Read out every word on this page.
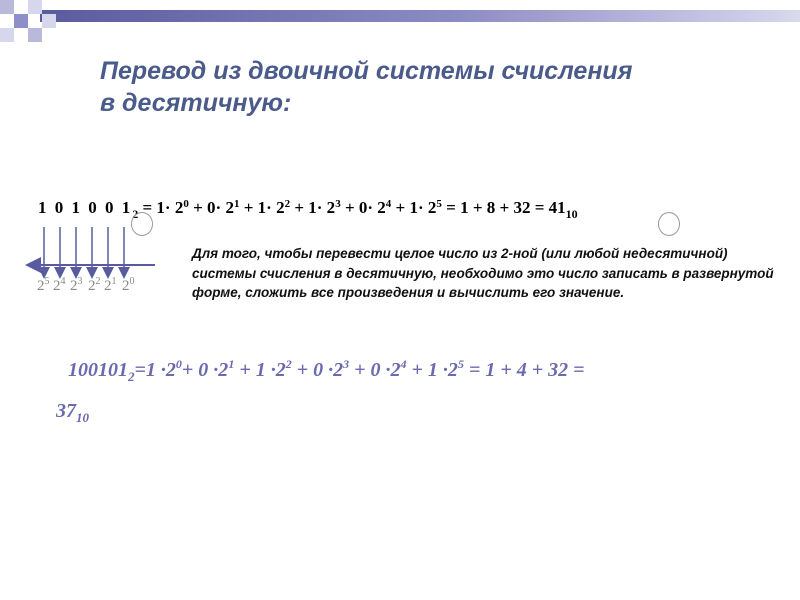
Перевод из двоичной системы счисления
в десятичную:
1 0 1 0 0 $1_2 = 1\cdot 2^0 + 0\cdot 2^1 + 1\cdot 2^2 + 1\cdot 2^3 + 0\cdot 2^4 + 1\cdot 2^5 = 1 + 8 + 32 = 41_{10}$
$2^5$ $2^4$ $2^3$ $2^2$ $2^1$ $2^0$
Для того, чтобы перевести целое число из 2-ной (или любой недесятичной) системы счисления в десятичную, необходимо это число записать в развернутой форме, сложить все произведения и вычислить его значение.
$100101_2=1 \cdot 2^0+ 0 \cdot 2^1 + 1 \cdot 2^2 + 0 \cdot 2^3 + 0 \cdot 2^4 + 1 \cdot 2^5 = 1 + 4 + 32$ =
$37_{10}$
